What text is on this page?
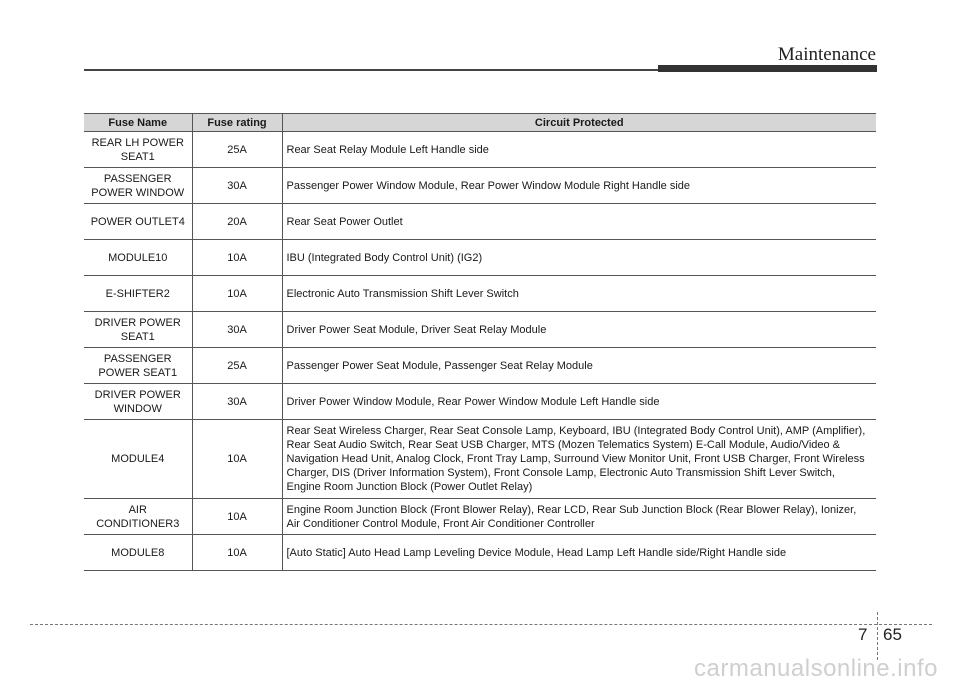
Maintenance
Fuse Name	Fuse rating	Circuit Protected
REAR LH POWER SEAT1	25A	Rear Seat Relay Module Left Handle side
PASSENGER POWER WINDOW	30A	Passenger Power Window Module, Rear Power Window Module Right Handle side
POWER OUTLET4	20A	Rear Seat Power Outlet
MODULE10	10A	IBU (Integrated Body Control Unit) (IG2)
E-SHIFTER2	10A	Electronic Auto Transmission Shift Lever Switch
DRIVER POWER SEAT1	30A	Driver Power Seat Module, Driver Seat Relay Module
PASSENGER POWER SEAT1	25A	Passenger Power Seat Module, Passenger Seat Relay Module
DRIVER POWER WINDOW	30A	Driver Power Window Module, Rear Power Window Module Left Handle side
MODULE4	10A	Rear Seat Wireless Charger, Rear Seat Console Lamp, Keyboard, IBU (Integrated Body Control Unit), AMP (Amplifier), Rear Seat Audio Switch, Rear Seat USB Charger, MTS (Mozen Telematics System) E-Call Module, Audio/Video & Navigation Head Unit, Analog Clock, Front Tray Lamp, Surround View Monitor Unit, Front USB Charger, Front Wireless Charger, DIS (Driver Information System), Front Console Lamp, Electronic Auto Transmission Shift Lever Switch, Engine Room Junction Block (Power Outlet Relay)
AIR CONDITIONER3	10A	Engine Room Junction Block (Front Blower Relay), Rear LCD, Rear Sub Junction Block (Rear Blower Relay), Ionizer, Air Conditioner Control Module, Front Air Conditioner Controller
MODULE8	10A	[Auto Static] Auto Head Lamp Leveling Device Module, Head Lamp Left Handle side/Right Handle side
7 65
carmanualsonline.info
